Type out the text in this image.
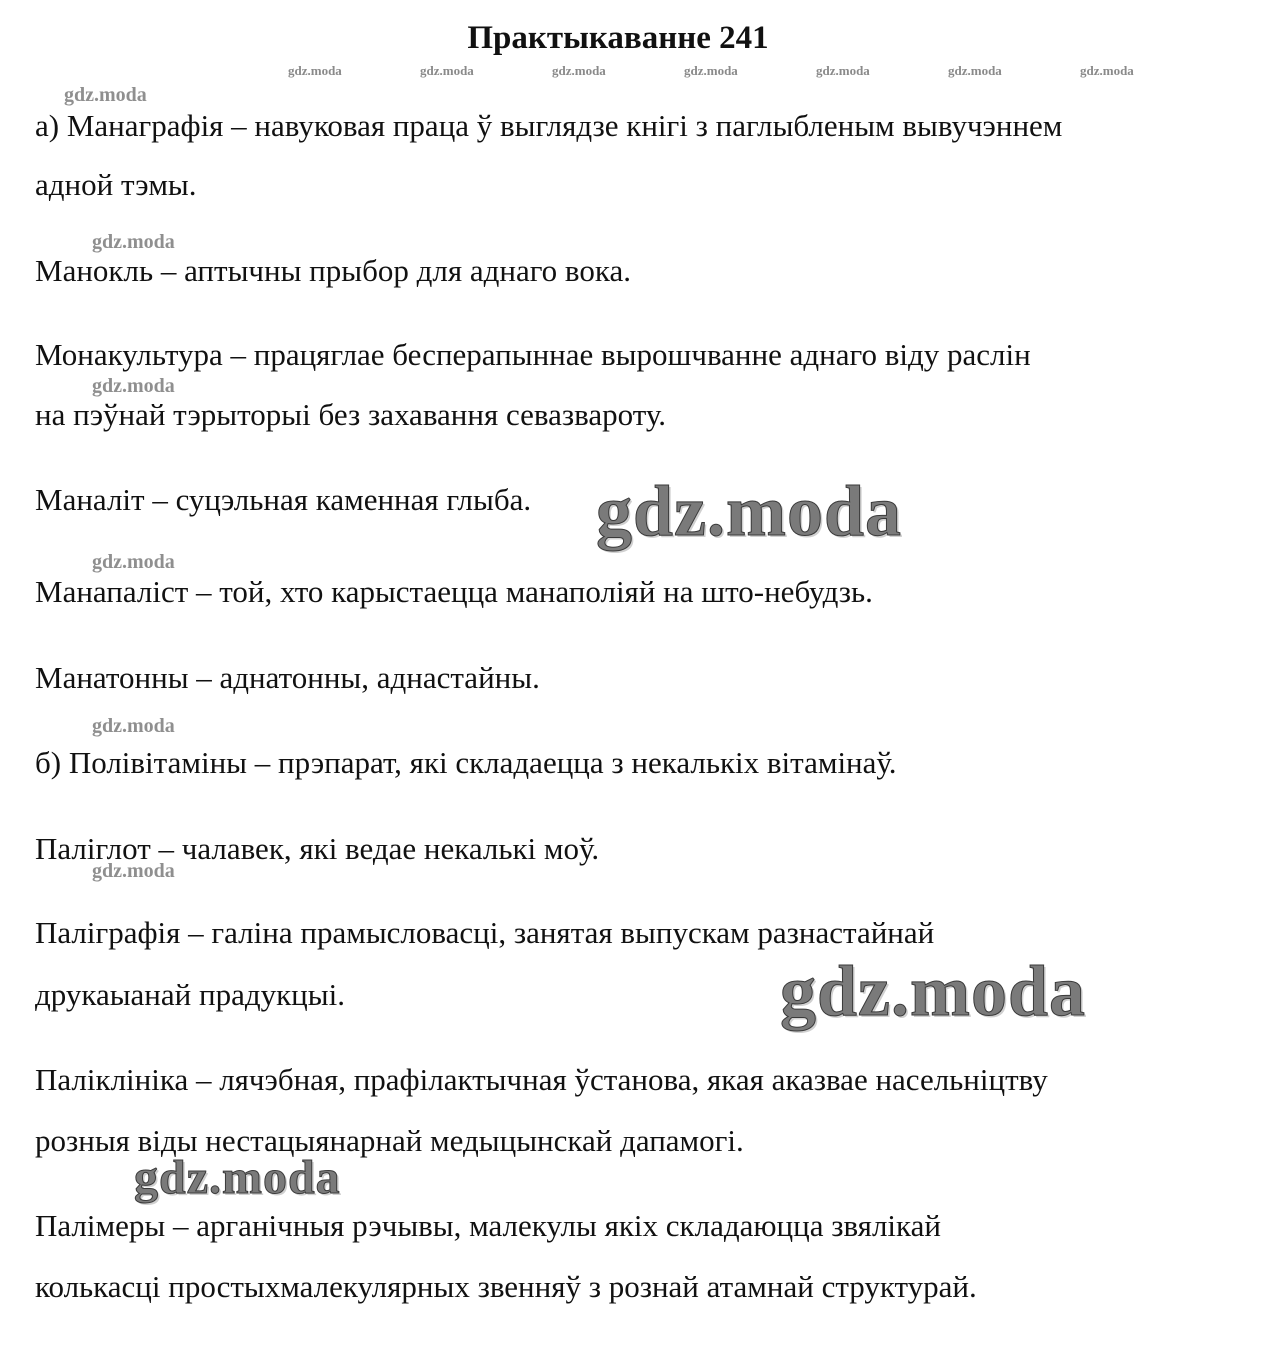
Практыкаванне 241
gdz.moda	gdz.moda	gdz.moda	gdz.moda	gdz.moda	gdz.moda	gdz.moda
gdz.moda
gdz.moda
gdz.moda
gdz.moda
gdz.moda
gdz.moda

а) Манаграфія – навуковая праца ў выглядзе кнігі з паглыбленым вывучэннем

адной тэмы.

Манокль – аптычны прыбор для аднаго вока.

Монакультура – працяглае бесперапыннае вырошчванне аднаго віду раслін

на пэўнай тэрыторыі без захавання севазвароту.

Маналіт – суцэльная каменная глыба.

Манапаліст – той, хто карыстаецца манаполіяй на што-небудзь.

Манатонны – аднатонны, аднастайны.

б) Полівітаміны – прэпарат, які складаецца з некалькіх вітамінаў.

Паліглот – чалавек, які ведае некалькі моў.

Паліграфія – галіна прамысловасці, занятая выпускам разнастайнай

друкаыанай прадукцыі.

Паліклініка – лячэбная, прафілактычная ўстанова, якая аказвае насельніцтву

розныя віды нестацыянарнай медыцынскай дапамогі.

Палімеры – арганічныя рэчывы, малекулы якіх складаюцца звялікай

колькасці простыхмалекулярных звенняў з рознай атамнай структурай.

gdz.moda
gdz.moda
gdz.moda
